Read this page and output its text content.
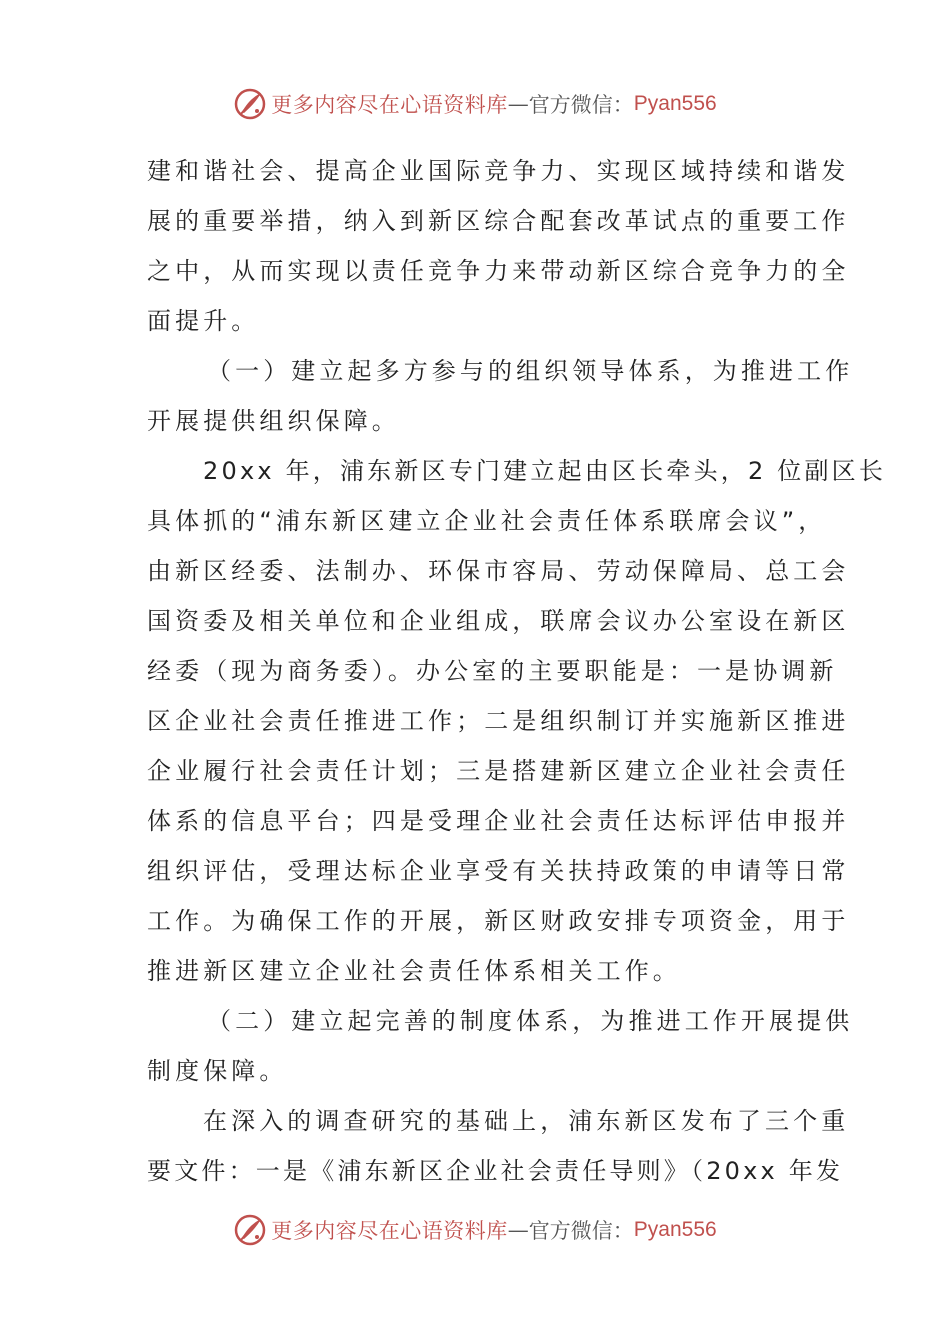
更多内容尽在心语资料库 — 官方微信： Pyan556
建和谐社会、提高企业国际竞争力、实现区域持续和谐发
展的重要举措，纳入到新区综合配套改革试点的重要工作
之中，从而实现以责任竞争力来带动新区综合竞争力的全
面提升。
（一）建立起多方参与的组织领导体系，为推进工作
开展提供组织保障。
20xx 年，浦东新区专门建立起由区长牵头，2 位副区长
具体抓的“浦东新区建立企业社会责任体系联席会议”，
由新区经委、法制办、环保市容局、劳动保障局、总工会
国资委及相关单位和企业组成，联席会议办公室设在新区
经委（现为商务委）。办公室的主要职能是：一是协调新
区企业社会责任推进工作；二是组织制订并实施新区推进
企业履行社会责任计划；三是搭建新区建立企业社会责任
体系的信息平台；四是受理企业社会责任达标评估申报并
组织评估，受理达标企业享受有关扶持政策的申请等日常
工作。为确保工作的开展，新区财政安排专项资金，用于
推进新区建立企业社会责任体系相关工作。
（二）建立起完善的制度体系，为推进工作开展提供
制度保障。
在深入的调查研究的基础上，浦东新区发布了三个重
要文件：一是《浦东新区企业社会责任导则》（20xx 年发
更多内容尽在心语资料库 — 官方微信： Pyan556
